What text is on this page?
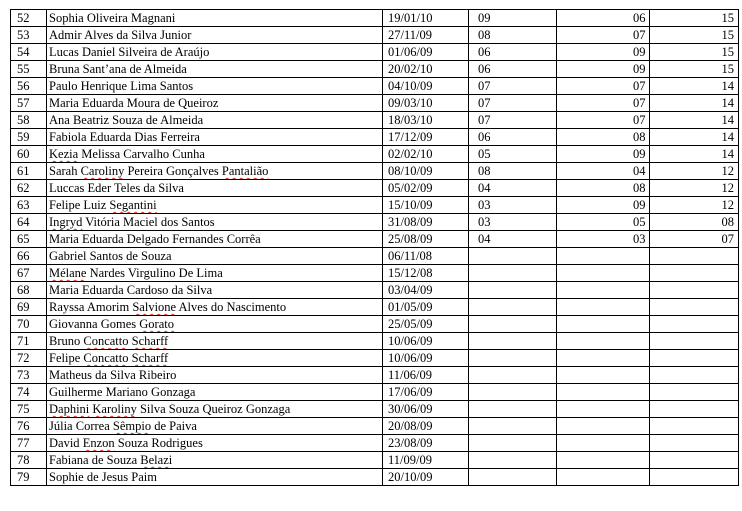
52	Sophia Oliveira Magnani	19/01/10	09	06	15
53	Admir Alves da Silva Junior	27/11/09	08	07	15
54	Lucas Daniel Silveira de Araújo	01/06/09	06	09	15
55	Bruna Sant’ana de Almeida	20/02/10	06	09	15
56	Paulo Henrique Lima Santos	04/10/09	07	07	14
57	Maria Eduarda Moura de Queiroz	09/03/10	07	07	14
58	Ana Beatriz Souza de Almeida	18/03/10	07	07	14
59	Fabiola Eduarda Dias Ferreira	17/12/09	06	08	14
60	Kezia Melissa Carvalho Cunha	02/02/10	05	09	14
61	Sarah Caroliny Pereira Gonçalves Pantalião	08/10/09	08	04	12
62	Luccas Eder Teles da Silva	05/02/09	04	08	12
63	Felipe Luiz Segantini	15/10/09	03	09	12
64	Ingryd Vitória Maciel dos Santos	31/08/09	03	05	08
65	Maria Eduarda Delgado Fernandes Corrêa	25/08/09	04	03	07
66	Gabriel Santos de Souza	06/11/08			
67	Mélane Nardes Virgulino De Lima	15/12/08			
68	Maria Eduarda Cardoso da Silva	03/04/09			
69	Rayssa Amorim Salvione Alves do Nascimento	01/05/09			
70	Giovanna Gomes Gorato	25/05/09			
71	Bruno Concatto Scharff	10/06/09			
72	Felipe Concatto Scharff	10/06/09			
73	Matheus da Silva Ribeiro	11/06/09			
74	Guilherme Mariano Gonzaga	17/06/09			
75	Daphini Karoliny Silva Souza Queiroz Gonzaga	30/06/09			
76	Júlia Correa Sêmpio de Paiva	20/08/09			
77	David Enzon Souza Rodrigues	23/08/09			
78	Fabiana de Souza Belazi	11/09/09			
79	Sophie de Jesus Paim	20/10/09			
